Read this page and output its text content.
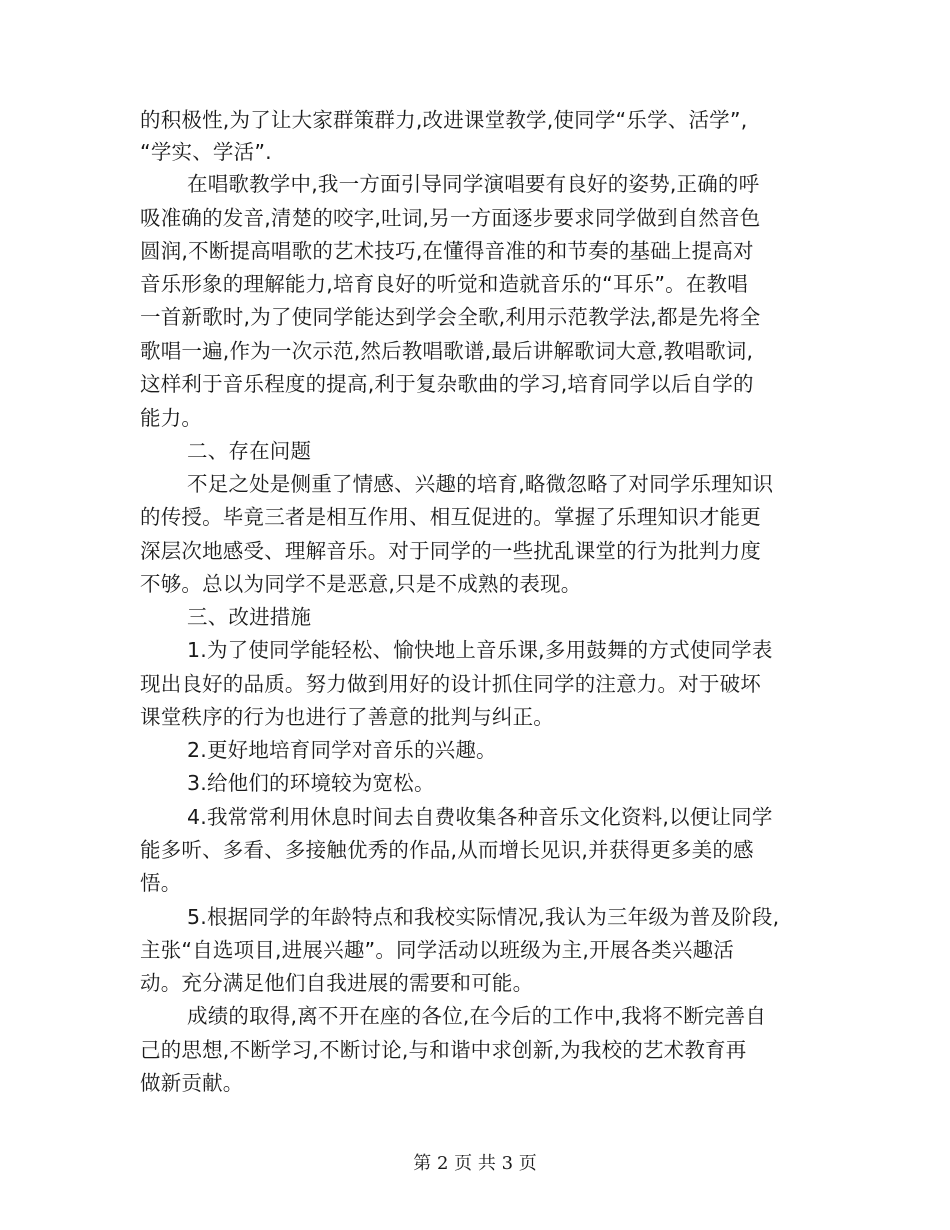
的积极性,为了让大家群策群力,改进课堂教学,使同学“乐学、活学”,
“学实、学活”.
在唱歌教学中,我一方面引导同学演唱要有良好的姿势,正确的呼
吸准确的发音,清楚的咬字,吐词,另一方面逐步要求同学做到自然音色
圆润,不断提高唱歌的艺术技巧,在懂得音准的和节奏的基础上提高对
音乐形象的理解能力,培育良好的听觉和造就音乐的“耳乐”。在教唱
一首新歌时,为了使同学能达到学会全歌,利用示范教学法,都是先将全
歌唱一遍,作为一次示范,然后教唱歌谱,最后讲解歌词大意,教唱歌词,
这样利于音乐程度的提高,利于复杂歌曲的学习,培育同学以后自学的
能力。
二、存在问题
不足之处是侧重了情感、兴趣的培育,略微忽略了对同学乐理知识
的传授。毕竟三者是相互作用、相互促进的。掌握了乐理知识才能更
深层次地感受、理解音乐。对于同学的一些扰乱课堂的行为批判力度
不够。总以为同学不是恶意,只是不成熟的表现。
三、改进措施
1.为了使同学能轻松、愉快地上音乐课,多用鼓舞的方式使同学表
现出良好的品质。努力做到用好的设计抓住同学的注意力。对于破坏
课堂秩序的行为也进行了善意的批判与纠正。
2.更好地培育同学对音乐的兴趣。
3.给他们的环境较为宽松。
4.我常常利用休息时间去自费收集各种音乐文化资料,以便让同学
能多听、多看、多接触优秀的作品,从而增长见识,并获得更多美的感
悟。
5.根据同学的年龄特点和我校实际情况,我认为三年级为普及阶段,
主张“自选项目,进展兴趣”。同学活动以班级为主,开展各类兴趣活
动。充分满足他们自我进展的需要和可能。
成绩的取得,离不开在座的各位,在今后的工作中,我将不断完善自
己的思想,不断学习,不断讨论,与和谐中求创新,为我校的艺术教育再
做新贡献。
第 2 页 共 3 页
